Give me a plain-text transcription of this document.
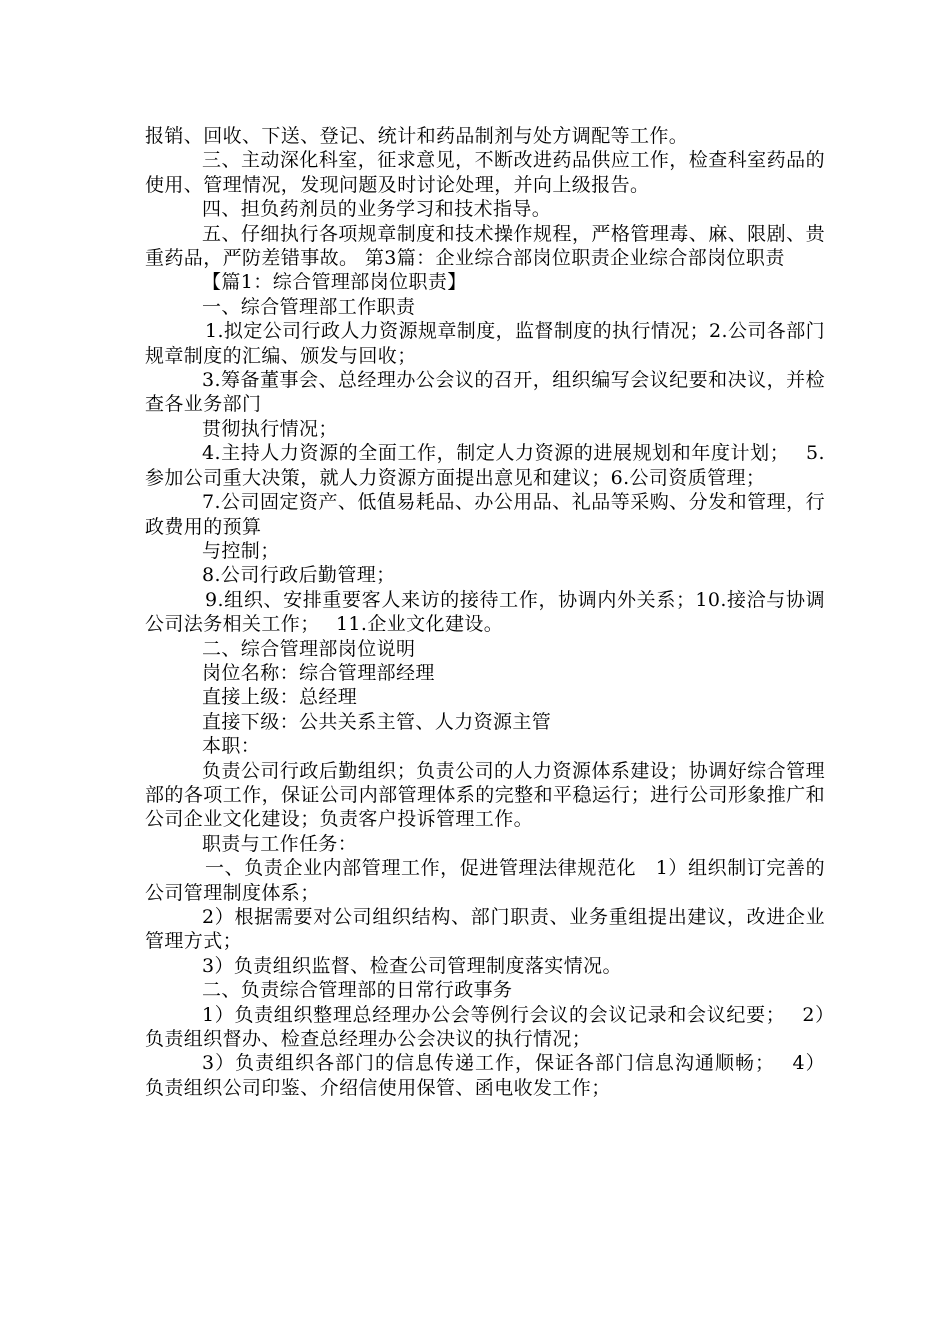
报销、回收、下送、登记、统计和药品制剂与处方调配等工作。

三、主动深化科室，征求意见，不断改进药品供应工作，检查科室药品的使用、管理情况，发现问题及时讨论处理，并向上级报告。

四、担负药剂员的业务学习和技术指导。

五、仔细执行各项规章制度和技术操作规程，严格管理毒、麻、限剧、贵重药品，严防差错事故。 第3篇：企业综合部岗位职责企业综合部岗位职责

【篇1：综合管理部岗位职责】

一、综合管理部工作职责

1.拟定公司行政人力资源规章制度，监督制度的执行情况；2.公司各部门规章制度的汇编、颁发与回收；

3.筹备董事会、总经理办公会议的召开，组织编写会议纪要和决议，并检查各业务部门

贯彻执行情况；

4.主持人力资源的全面工作，制定人力资源的进展规划和年度计划；　 5.参加公司重大决策，就人力资源方面提出意见和建议；6.公司资质管理；

7.公司固定资产、低值易耗品、办公用品、礼品等采购、分发和管理，行政费用的预算

与控制；

8.公司行政后勤管理；

9.组织、安排重要客人来访的接待工作，协调内外关系；10.接洽与协调公司法务相关工作；　 11.企业文化建设。

二、综合管理部岗位说明

岗位名称：综合管理部经理

直接上级：总经理

直接下级：公共关系主管、人力资源主管

本职：

负责公司行政后勤组织；负责公司的人力资源体系建设；协调好综合管理部的各项工作，保证公司内部管理体系的完整和平稳运行；进行公司形象推广和公司企业文化建设；负责客户投诉管理工作。

职责与工作任务：

一、负责企业内部管理工作，促进管理法律规范化　1）组织制订完善的公司管理制度体系；

2）根据需要对公司组织结构、部门职责、业务重组提出建议，改进企业管理方式；

3）负责组织监督、检查公司管理制度落实情况。

二、负责综合管理部的日常行政事务

1）负责组织整理总经理办公会等例行会议的会议记录和会议纪要；　 2）负责组织督办、检查总经理办公会决议的执行情况；

3）负责组织各部门的信息传递工作，保证各部门信息沟通顺畅；　 4）负责组织公司印鉴、介绍信使用保管、函电收发工作；
